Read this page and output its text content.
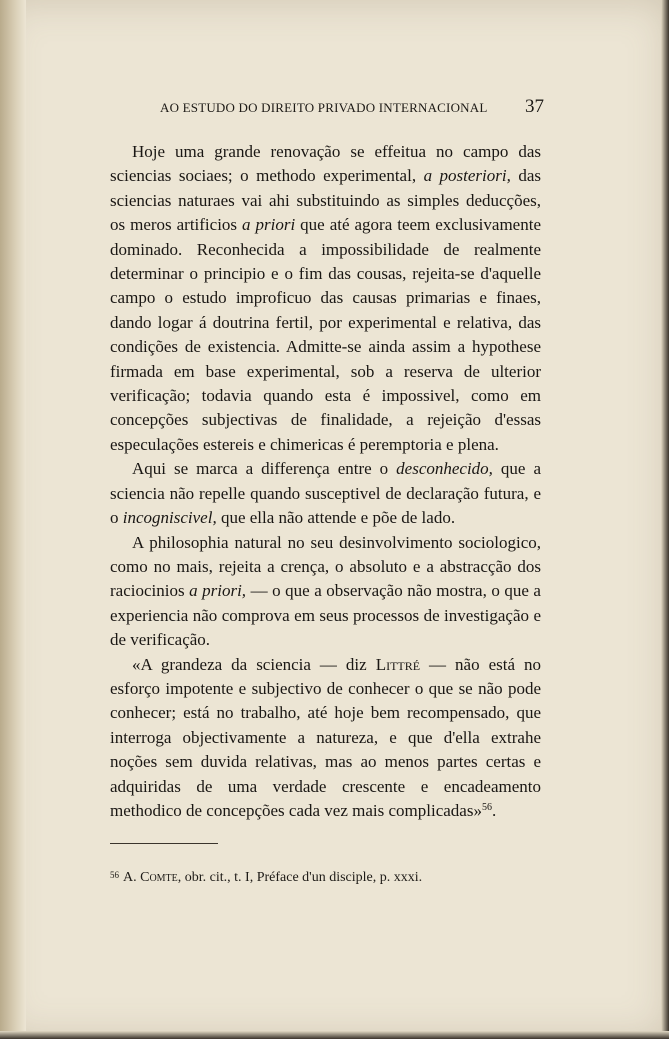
AO ESTUDO DO DIREITO PRIVADO INTERNACIONAL 37

Hoje uma grande renovação se effeitua no campo das sciencias sociaes; o methodo experimental, a posteriori, das sciencias naturaes vai ahi substituindo as simples deducções, os meros artificios a priori que até agora teem exclusivamente dominado. Reconhecida a impossibilidade de realmente determinar o principio e o fim das cousas, rejeita-se d'aquelle campo o estudo improficuo das causas primarias e finaes, dando logar á doutrina fertil, por experimental e relativa, das condições de existencia. Admitte-se ainda assim a hypothese firmada em base experimental, sob a reserva de ulterior verificação; todavia quando esta é impossivel, como em concepções subjectivas de finalidade, a rejeição d'essas especulações estereis e chimericas é peremptoria e plena.

Aqui se marca a differença entre o desconhecido, que a sciencia não repelle quando susceptivel de declaração futura, e o incogniscivel, que ella não attende e põe de lado.

A philosophia natural no seu desinvolvimento sociologico, como no mais, rejeita a crença, o absoluto e a abstracção dos raciocinios a priori, — o que a observação não mostra, o que a experiencia não comprova em seus processos de investigação e de verificação.

«A grandeza da sciencia — diz Littré — não está no esforço impotente e subjectivo de conhecer o que se não pode conhecer; está no trabalho, até hoje bem recompensado, que interroga objectivamente a natureza, e que d'ella extrahe noções sem duvida relativas, mas ao menos partes certas e adquiridas de uma verdade crescente e encadeamento methodico de concepções cada vez mais complicadas»$^{56}$.

$^{56}$ A. Comte, obr. cit., t. I, Préface d'un disciple, p. xxxi.
